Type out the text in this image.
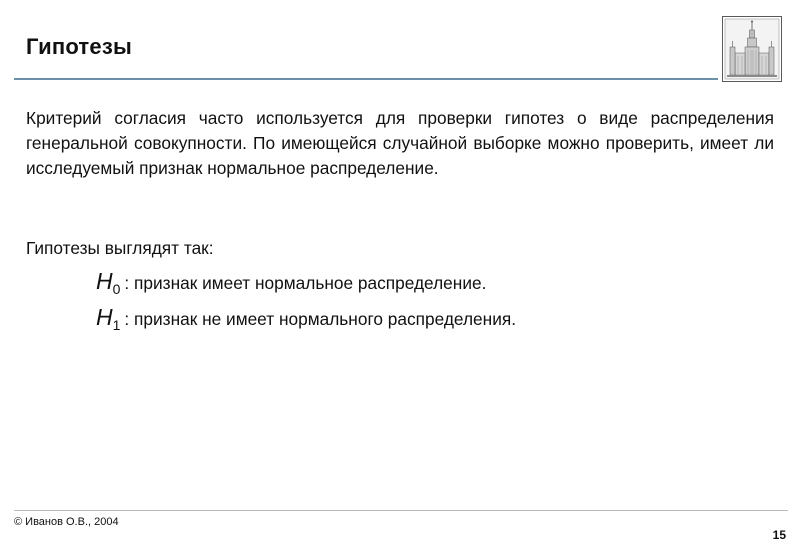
Гипотезы

Критерий согласия часто используется для проверки гипотез о виде распределения генеральной совокупности. По имеющейся случайной выборке можно проверить, имеет ли исследуемый признак нормальное распределение.

Гипотезы выглядят так:

$H_0$ : признак имеет нормальное распределение.

$H_1$ : признак не имеет нормального распределения.

© Иванов О.В., 2004

15
